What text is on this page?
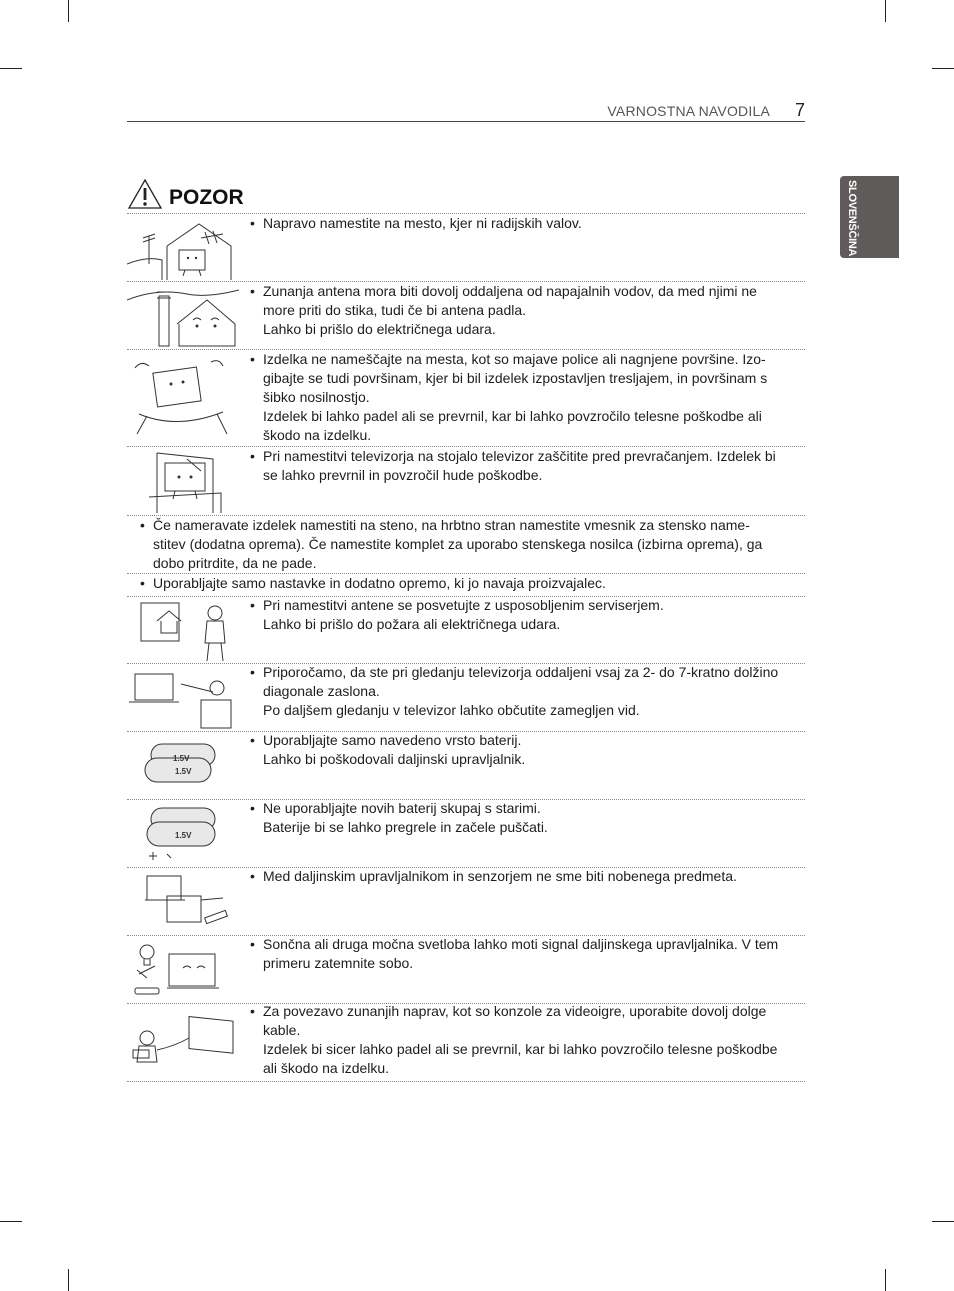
VARNOSTNA NAVODILA 7
SLOVENŠČINA
POZOR
1.5V
1.5V
1.5V
• Napravo namestite na mesto, kjer ni radijskih valov.

• Zunanja antena mora biti dovolj oddaljena od napajalnih vodov, da med njimi ne

more priti do stika, tudi če bi antena padla.

Lahko bi prišlo do električnega udara.

• Izdelka ne nameščajte na mesta, kot so majave police ali nagnjene površine. Izo-

gibajte se tudi površinam, kjer bi bil izdelek izpostavljen tresljajem, in površinam s

šibko nosilnostjo.

Izdelek bi lahko padel ali se prevrnil, kar bi lahko povzročilo telesne poškodbe ali

škodo na izdelku.

• Pri namestitvi televizorja na stojalo televizor zaščitite pred prevračanjem. Izdelek bi

se lahko prevrnil in povzročil hude poškodbe.

• Če nameravate izdelek namestiti na steno, na hrbtno stran namestite vmesnik za stensko name-

stitev (dodatna oprema). Če namestite komplet za uporabo stenskega nosilca (izbirna oprema), ga

dobo pritrdite, da ne pade.

• Uporabljajte samo nastavke in dodatno opremo, ki jo navaja proizvajalec.

• Pri namestitvi antene se posvetujte z usposobljenim serviserjem.

Lahko bi prišlo do požara ali električnega udara.

• Priporočamo, da ste pri gledanju televizorja oddaljeni vsaj za 2- do 7-kratno dolžino

diagonale zaslona.

Po daljšem gledanju v televizor lahko občutite zamegljen vid.

• Uporabljajte samo navedeno vrsto baterij.

Lahko bi poškodovali daljinski upravljalnik.

• Ne uporabljajte novih baterij skupaj s starimi.

Baterije bi se lahko pregrele in začele puščati.

• Med daljinskim upravljalnikom in senzorjem ne sme biti nobenega predmeta.

• Sončna ali druga močna svetloba lahko moti signal daljinskega upravljalnika. V tem

primeru zatemnite sobo.

• Za povezavo zunanjih naprav, kot so konzole za videoigre, uporabite dovolj dolge

kable.

Izdelek bi sicer lahko padel ali se prevrnil, kar bi lahko povzročilo telesne poškodbe

ali škodo na izdelku.
